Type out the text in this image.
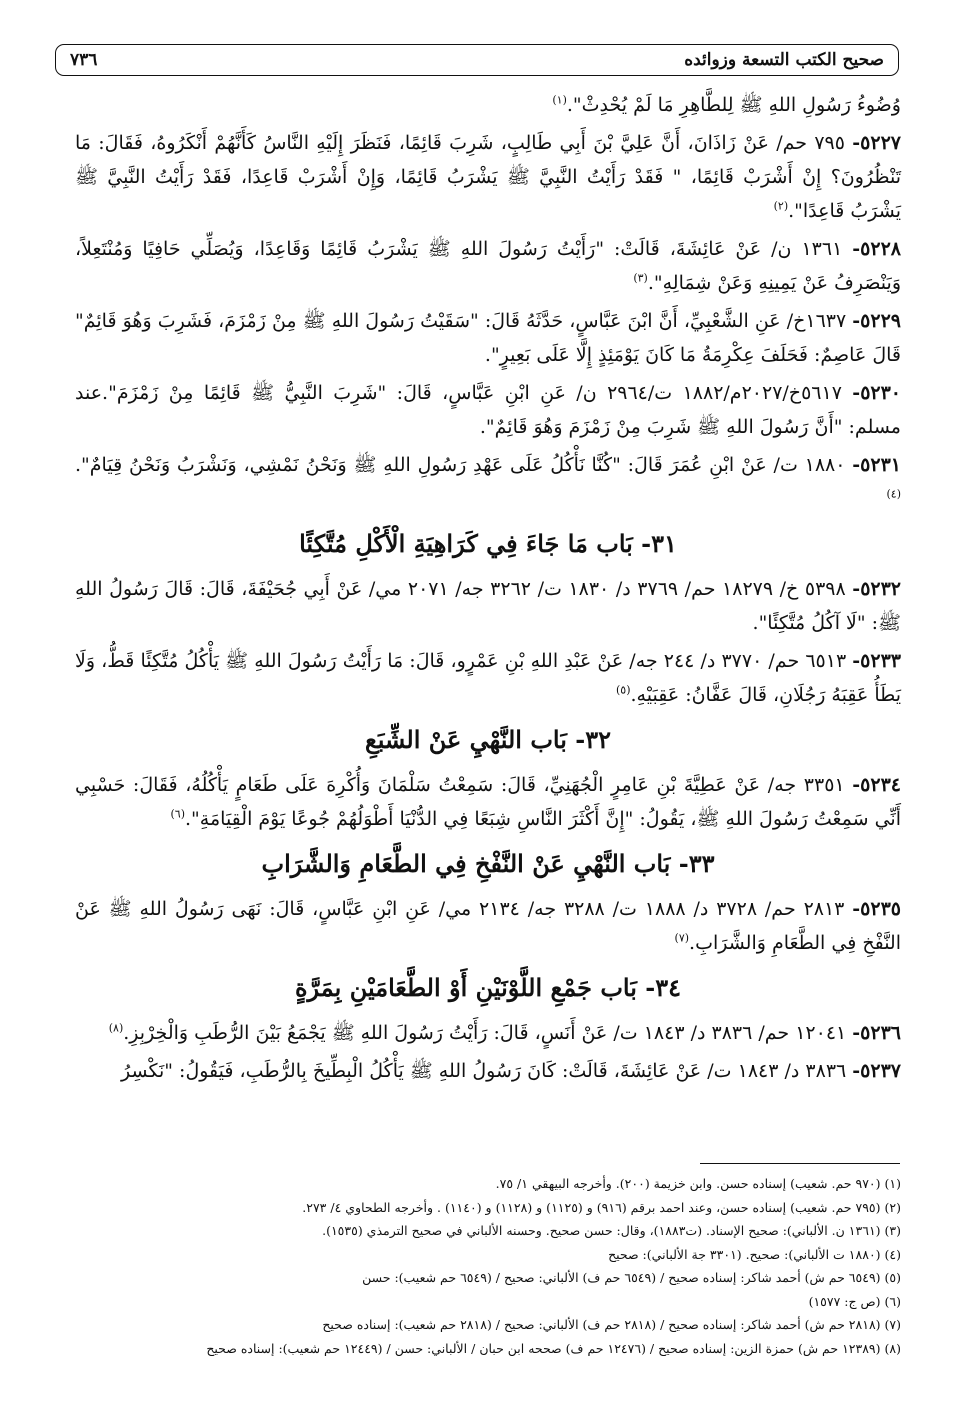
صحيح الكتب التسعة وزوائده
٧٣٦

وُضُوءُ رَسُولِ اللهِ ﷺ لِلطَّاهِرِ مَا لَمْ يُحْدِثْ".$^{(١)}$

٥٢٢٧- ٧٩٥ حم/ عَنْ زَاذَانَ، أَنَّ عَلِيَّ بْنَ أَبِي طَالِبٍ، شَرِبَ قَائِمًا، فَنَظَرَ إِلَيْهِ النَّاسُ كَأَنَّهُمْ أَنْكَرُوهُ، فَقَالَ: مَا تَنْظُرُونَ؟ إِنْ أَشْرَبْ قَائِمًا، " فَقَدْ رَأَيْتُ النَّبِيَّ ﷺ يَشْرَبُ قَائِمًا، وَإِنْ أَشْرَبْ قَاعِدًا، فَقَدْ رَأَيْتُ النَّبِيَّ ﷺ يَشْرَبُ قَاعِدًا".$^{(٢)}$

٥٢٢٨- ١٣٦١ ن/ عَنْ عَائِشَةَ، قَالَتْ: "رَأَيْتُ رَسُولَ اللهِ ﷺ يَشْرَبُ قَائِمًا وَقَاعِدًا، وَيُصَلِّي حَافِيًا وَمُنْتَعِلاً، وَيَنْصَرِفُ عَنْ يَمِينِهِ وَعَنْ شِمَالِهِ".$^{(٣)}$

٥٢٢٩- ١٦٣٧خ/ عَنِ الشَّعْبِيِّ، أَنَّ ابْنَ عَبَّاسٍ، حَدَّثَهُ قَالَ: "سَقَيْتُ رَسُولَ اللهِ ﷺ مِنْ زَمْزَمَ، فَشَرِبَ وَهُوَ قَائِمٌ" قَالَ عَاصِمٌ: فَحَلَفَ عِكْرِمَةُ مَا كَانَ يَوْمَئِذٍ إِلَّا عَلَى بَعِيرٍ".

٥٢٣٠- ٥٦١٧خ/٢٠٢٧م/١٨٨٢ ت/٢٩٦٤ ن/ عَنِ ابْنِ عَبَّاسٍ، قَالَ: "شَرِبَ النَّبِيُّ ﷺ قَائِمًا مِنْ زَمْزَمَ".عند مسلم: "أَنَّ رَسُولَ اللهِ ﷺ شَرِبَ مِنْ زَمْزَمَ وَهُوَ قَائِمٌ".

٥٢٣١- ١٨٨٠ ت/ عَنْ ابْنِ عُمَرَ قَالَ: "كُنَّا نَأْكُلُ عَلَى عَهْدِ رَسُولِ اللهِ ﷺ وَنَحْنُ نَمْشِي، وَنَشْرَبُ وَنَحْنُ قِيَامٌ".$^{(٤)}$

٣١- بَاب مَا جَاءَ فِي كَرَاهِيَةِ الْأَكْلِ مُتَّكِئًا

٥٢٣٢- ٥٣٩٨ خ/ ١٨٢٧٩ حم/ ٣٧٦٩ د/ ١٨٣٠ ت/ ٣٢٦٢ جه/ ٢٠٧١ مي/ عَنْ أَبِي جُحَيْفَةَ، قَالَ: قَالَ رَسُولُ اللهِ ﷺ: "لَا آكُلُ مُتَّكِئًا".

٥٢٣٣- ٦٥١٣ حم/ ٣٧٧٠ د/ ٢٤٤ جه/ عَنْ عَبْدِ اللهِ بْنِ عَمْرٍو، قَالَ: مَا رَأَيْتُ رَسُولَ اللهِ ﷺ يَأْكُلُ مُتَّكِئًا قَطُّ، وَلَا يَطَأُ عَقِبَهُ رَجُلَانِ، قَالَ عَفَّانُ: عَقِبَيْهِ.$^{(٥)}$

٣٢- بَاب النَّهْيِ عَنْ الشِّبَعِ

٥٢٣٤- ٣٣٥١ جه/ عَنْ عَطِيَّةَ بْنِ عَامِرٍ الْجُهَنِيِّ، قَالَ: سَمِعْتُ سَلْمَانَ وَأُكْرِهَ عَلَى طَعَامٍ يَأْكُلُهُ، فَقَالَ: حَسْبِي أَنِّي سَمِعْتُ رَسُولَ اللهِ ﷺ، يَقُولُ: "إِنَّ أَكْثَرَ النَّاسِ شِبَعًا فِي الدُّنْيَا أَطْوَلُهُمْ جُوعًا يَوْمَ الْقِيَامَةِ".$^{(٦)}$

٣٣- بَاب النَّهْيِ عَنْ النَّفْخِ فِي الطَّعَامِ وَالشَّرَابِ

٥٢٣٥- ٢٨١٣ حم/ ٣٧٢٨ د/ ١٨٨٨ ت/ ٣٢٨٨ جه/ ٢١٣٤ مي/ عَنِ ابْنِ عَبَّاسٍ، قَالَ: نَهَى رَسُولُ اللهِ ﷺ عَنْ النَّفْخِ فِي الطَّعَامِ وَالشَّرَابِ.$^{(٧)}$

٣٤- بَاب جَمْعِ اللَّوْنَيْنِ أَوْ الطَّعَامَيْنِ بِمَرَّةٍ

٥٢٣٦- ١٢٠٤١ حم/ ٣٨٣٦ د/ ١٨٤٣ ت/ عَنْ أَنَسٍ، قَالَ: رَأَيْتُ رَسُولَ اللهِ ﷺ يَجْمَعُ بَيْنَ الرُّطَبِ وَالْخِرْبِزِ.$^{(٨)}$

٥٢٣٧- ٣٨٣٦ د/ ١٨٤٣ ت/ عَنْ عَائِشَةَ، قَالَتْ: كَانَ رَسُولُ اللهِ ﷺ يَأْكُلُ الْبِطِّيخَ بِالرُّطَبِ، فَيَقُولُ: "نَكْسِرُ

(١) (٩٧٠ حم. شعيب) إسناده حسن. وابن خزيمة (٢٠٠). وأخرجه البيهقي ١/ ٧٥.

(٢) (٧٩٥ حم. شعيب) إسناده حسن، وعند احمد برقم (٩١٦) و (١١٢٥) و (١١٢٨) و (١١٤٠) . وأخرجه الطحاوي ٤/ ٢٧٣.

(٣) (١٣٦١ ن. الألباني): صحيح الإسناد. (ت١٨٨٣)، وقال: حسن صحيح. وحسنه الألباني في صحيح الترمذي (١٥٣٥).

(٤) (١٨٨٠ ت الألباني): صحيح. (٣٣٠١ جة الألباني): صحيح

(٥) (٦٥٤٩ حم ش) أحمد شاكر: إسناده صحيح / (٦٥٤٩ حم ف) الألباني: صحيح / (٦٥٤٩ حم شعيب): حسن

(٦) (ص ج: ١٥٧٧)

(٧) (٢٨١٨ حم ش) أحمد شاكر: إسناده صحيح / (٢٨١٨ حم ف) الألباني: صحيح / (٢٨١٨ حم شعيب): إسناده صحيح

(٨) (١٢٣٨٩ حم ش) حمزة الزين: إسناده صحيح / (١٢٤٧٦ حم ف) صححه ابن حبان / الألباني: حسن / (١٢٤٤٩ حم شعيب): إسناده صحيح
